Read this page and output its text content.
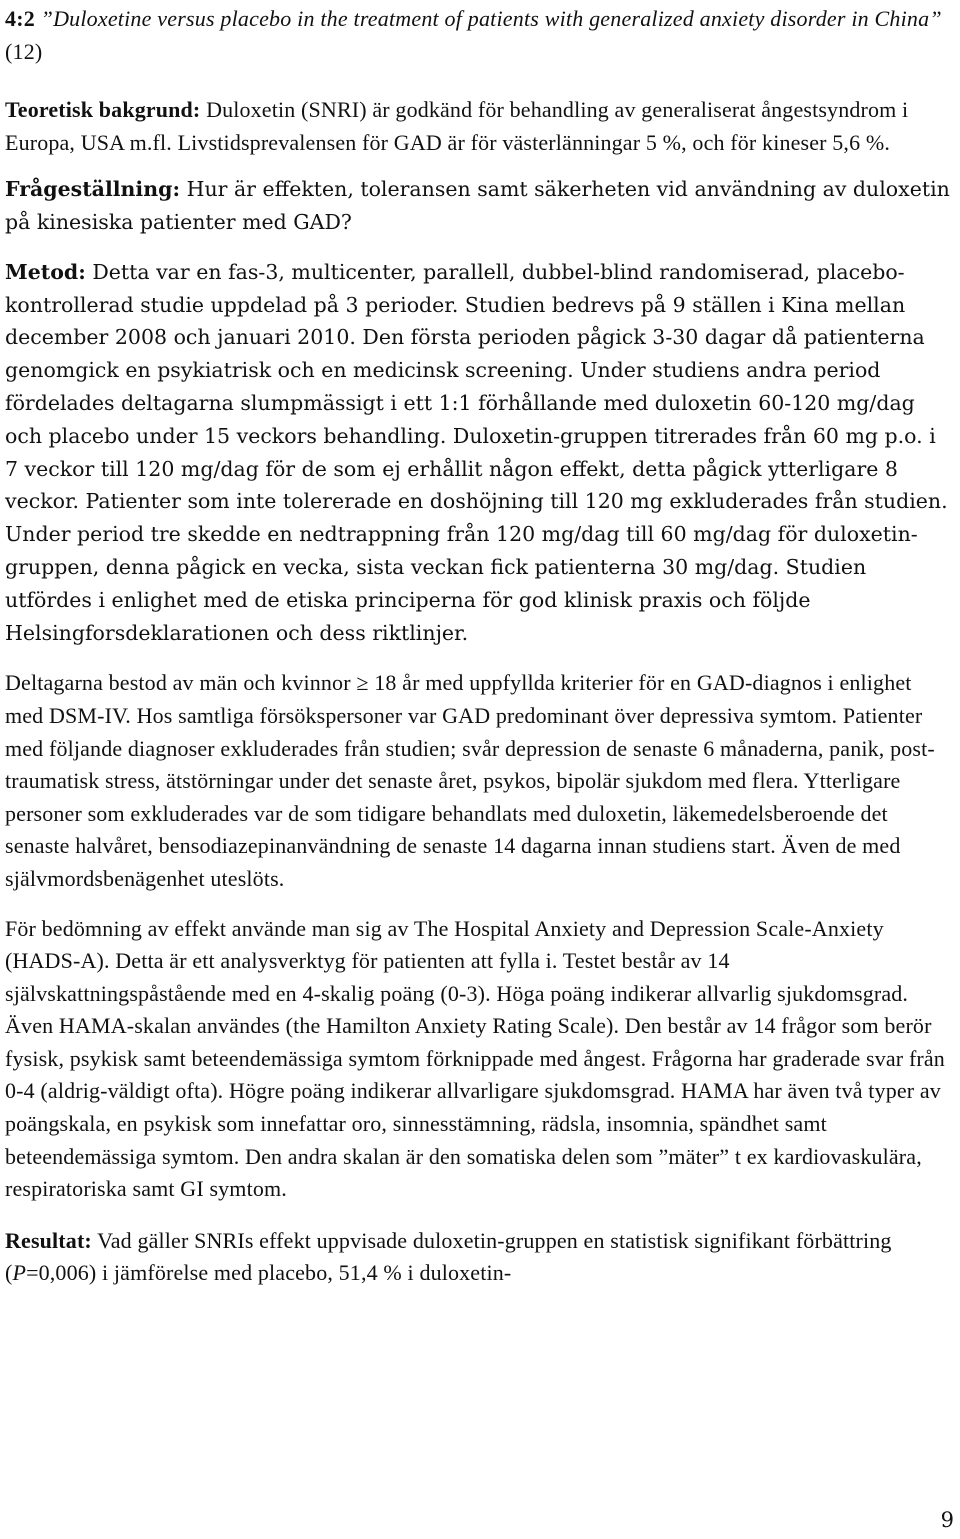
4:2 ”Duloxetine versus placebo in the treatment of patients with generalized anxiety disorder in China” (12)

Teoretisk bakgrund: Duloxetin (SNRI) är godkänd för behandling av generaliserat ångestsyndrom i Europa, USA m.fl. Livstidsprevalensen för GAD är för västerlänningar 5 %, och för kineser 5,6 %.

Frågeställning: Hur är effekten, toleransen samt säkerheten vid användning av duloxetin på kinesiska patienter med GAD?

Metod: Detta var en fas-3, multicenter, parallell, dubbel-blind randomiserad, placebo-kontrollerad studie uppdelad på 3 perioder. Studien bedrevs på 9 ställen i Kina mellan december 2008 och januari 2010. Den första perioden pågick 3-30 dagar då patienterna genomgick en psykiatrisk och en medicinsk screening. Under studiens andra period fördelades deltagarna slumpmässigt i ett 1:1 förhållande med duloxetin 60-120 mg/dag och placebo under 15 veckors behandling. Duloxetin-gruppen titrerades från 60 mg p.o. i 7 veckor till 120 mg/dag för de som ej erhållit någon effekt, detta pågick ytterligare 8 veckor. Patienter som inte tolererade en doshöjning till 120 mg exkluderades från studien. Under period tre skedde en nedtrappning från 120 mg/dag till 60 mg/dag för duloxetin-gruppen, denna pågick en vecka, sista veckan fick patienterna 30 mg/dag. Studien utfördes i enlighet med de etiska principerna för god klinisk praxis och följde Helsingforsdeklarationen och dess riktlinjer.

Deltagarna bestod av män och kvinnor ≥ 18 år med uppfyllda kriterier för en GAD-diagnos i enlighet med DSM-IV. Hos samtliga försökspersoner var GAD predominant över depressiva symtom. Patienter med följande diagnoser exkluderades från studien; svår depression de senaste 6 månaderna, panik, post-traumatisk stress, ätstörningar under det senaste året, psykos, bipolär sjukdom med flera. Ytterligare personer som exkluderades var de som tidigare behandlats med duloxetin, läkemedelsberoende det senaste halvåret, bensodiazepinanvändning de senaste 14 dagarna innan studiens start. Även de med självmordsbenägenhet uteslöts.

För bedömning av effekt använde man sig av The Hospital Anxiety and Depression Scale-Anxiety (HADS-A). Detta är ett analysverktyg för patienten att fylla i. Testet består av 14 självskattningspåstående med en 4-skalig poäng (0-3). Höga poäng indikerar allvarlig sjukdomsgrad. Även HAMA-skalan användes (the Hamilton Anxiety Rating Scale). Den består av 14 frågor som berör fysisk, psykisk samt beteendemässiga symtom förknippade med ångest. Frågorna har graderade svar från 0-4 (aldrig-väldigt ofta). Högre poäng indikerar allvarligare sjukdomsgrad. HAMA har även två typer av poängskala, en psykisk som innefattar oro, sinnesstämning, rädsla, insomnia, spändhet samt beteendemässiga symtom. Den andra skalan är den somatiska delen som ”mäter” t ex kardiovaskulära, respiratoriska samt GI symtom.

Resultat: Vad gäller SNRIs effekt uppvisade duloxetin-gruppen en statistisk signifikant förbättring (P=0,006) i jämförelse med placebo, 51,4 % i duloxetin-

9
